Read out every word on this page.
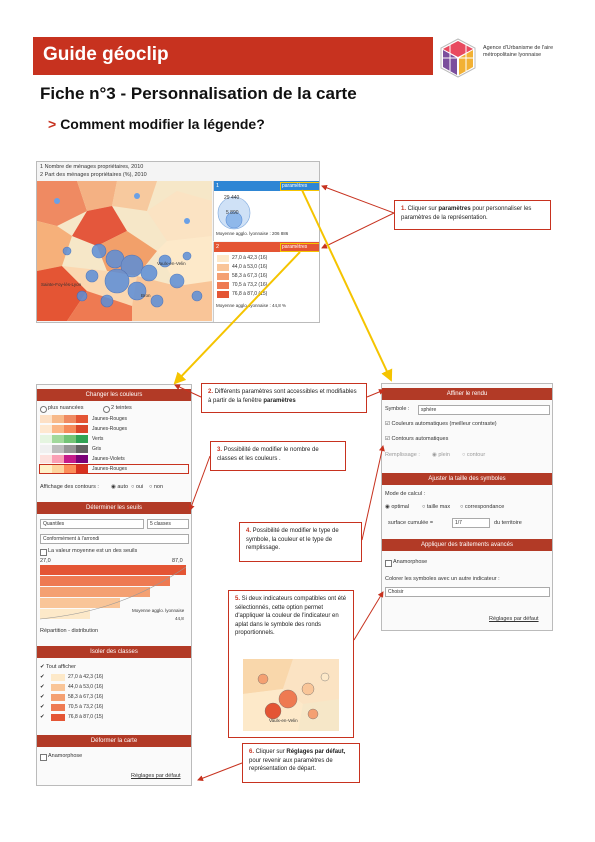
Guide géoclip	Agence d'Urbanisme de l'aire métropolitaine lyonnaise
Fiche n°3 - Personnalisation de la carte
> Comment modifier la légende?
1 Nombre de ménages propriétaires, 2010
2 Part des ménages propriétaires (%), 2010
Vaulx-en-Velin
Sainte-Foy-lès-Lyon
Bron
1	paramètres
29 440
5 890
Moyenne agglo. lyonnaise : 206 886
2	paramètres
27,0 à 42,3 (16)
44,0 à 53,0 (16)
58,3 à 67,3 (16)
70,5 à 73,2 (16)
76,8 à 87,0 (15)
Moyenne agglo. lyonnaise : 44,8 %
Changer les couleurs
plus nuancées	2 teintes
Jaunes-Rouges
Jaunes-Rouges
Verts
Gris
Jaunes-Violets
Jaunes-Rouges
Affichage des contours : ◉ auto ○ oui ○ non
Déterminer les seuils
Quantiles	5 classes
Conformément à l'arrondi
La valeur moyenne est un des seuils
27,0	87,0
Moyenne agglo. lyonnaise
44,8
Répartition - distribution
Isoler des classes
✔ Tout afficher
✔	27,0 à 42,3 (16)
✔	44,0 à 53,0 (16)
✔	58,3 à 67,3 (16)
✔	70,5 à 73,2 (16)
✔	76,8 à 87,0 (15)
Déformer la carte
Anamorphose
Réglages par défaut
Affiner le rendu
Symbole :	sphère
☑ Couleurs automatiques (meilleur contraste)
☑ Contours automatiques
Remplissage : ◉ plein ○ contour
Ajuster la taille des symboles
Mode de calcul :
◉ optimal ○ taille max ○ correspondance
surface cumulée =	1/7	du territoire
Appliquer des traitements avancés
Anamorphose
Colorer les symboles avec un autre indicateur :
Choisir
Réglages par défaut
1. Cliquer sur paramètres pour personnaliser les paramètres de la représentation.
2. Différents paramètres sont accessibles et modifiables à partir de la fenêtre paramètres
3. Possibilité de modifier le nombre de classes et les couleurs .
4. Possibilité de modifier le type de symbole, la couleur et le type de remplissage.
5. Si deux indicateurs compatibles ont été sélectionnés, cette option permet d'appliquer la couleur de l'indicateur en aplat dans le symbole des ronds proportionnels.
Vaulx-en-Velin
6. Cliquer sur Réglages par défaut, pour revenir aux paramètres de représentation de départ.
